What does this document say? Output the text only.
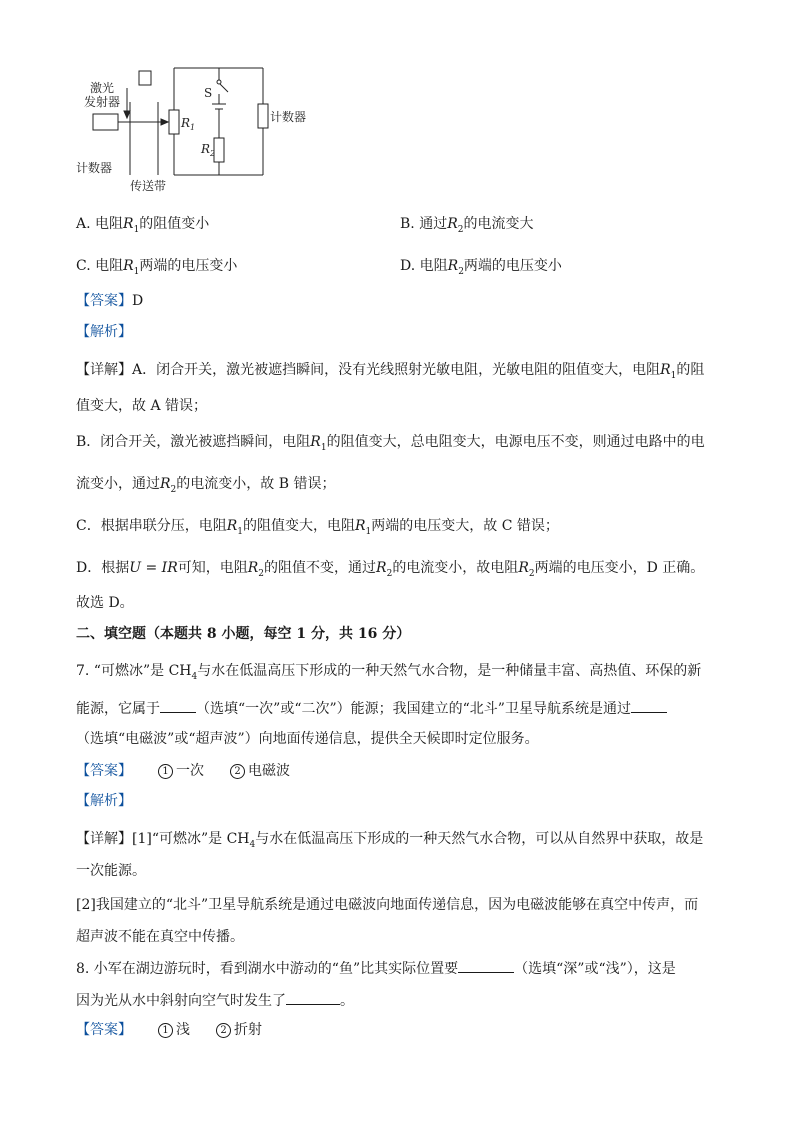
激光
发射器
计数器
传送带
S
$R_1$
$R_2$
计数器
A. 电阻$R_1$的阻值变小	B. 通过$R_2$的电流变大
C. 电阻$R_1$两端的电压变小	D. 电阻$R_2$两端的电压变小
【答案】D
【解析】
【详解】A．闭合开关，激光被遮挡瞬间，没有光线照射光敏电阻，光敏电阻的阻值变大，电阻$R_1$的阻
值变大，故 A 错误；
B．闭合开关，激光被遮挡瞬间，电阻$R_1$的阻值变大，总电阻变大，电源电压不变，则通过电路中的电
流变小，通过$R_2$的电流变小，故 B 错误；
C．根据串联分压，电阻$R_1$的阻值变大，电阻$R_1$两端的电压变大，故 C 错误；
D．根据U = IR可知，电阻$R_2$的阻值不变，通过$R_2$的电流变小，故电阻$R_2$两端的电压变小，D 正确。
故选 D。
二、填空题（本题共 8 小题，每空 1 分，共 16 分）
7. “可燃冰”是 $CH_4$与水在低温高压下形成的一种天然气水合物，是一种储量丰富、高热值、环保的新
能源，它属于	（选填“一次”或“二次”）能源；我国建立的“北斗”卫星导航系统是通过
（选填“电磁波”或“超声波”）向地面传递信息，提供全天候即时定位服务。
【答案】	1 一次	2 电磁波
【解析】
【详解】[1]“可燃冰”是 $CH_4$与水在低温高压下形成的一种天然气水合物，可以从自然界中获取，故是
一次能源。
[2]我国建立的“北斗”卫星导航系统是通过电磁波向地面传递信息，因为电磁波能够在真空中传声，而
超声波不能在真空中传播。
8. 小军在湖边游玩时，看到湖水中游动的“鱼”比其实际位置要	（选填“深”或“浅”），这是
因为光从水中斜射向空气时发生了	。
【答案】	1 浅	2 折射
